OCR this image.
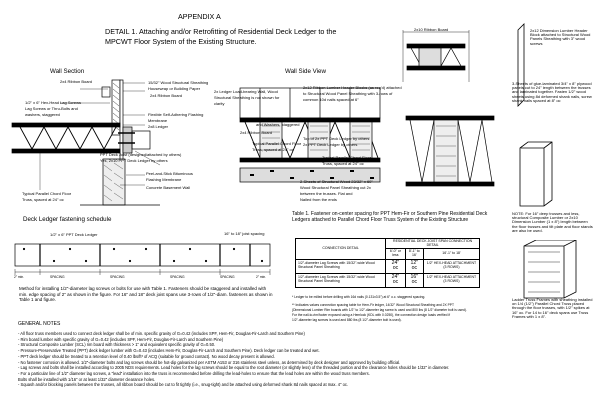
APPENDIX A
DETAIL 1. Attaching and/or Retrofitting of Residential Deck Ledger to the
MPCWT Floor System of the Existing Structure.
Wall Section
2x4 Ribbon Board	15/32" Wood Structural Sheathing
Housewrap or Building Paper
1/2" x 6" Hex-Head Lag Screws
2x4 Ribbon Board
Lag Screws or Thru-Bolts and
washers, staggered	Flexible Self-Adhering Flashing
Membrane
2x8 Ledger
PPT Deck Joist (designed/attached by others)
Yes, 2x10 PPT Deck Ledger by others
Peel-and-Stick Bituminous
Flashing Membrane
Concrete Basement Wall
Typical Parallel Chord Floor
Truss, spaced at 24" oc
Wall Side View
2x Ledger Load-bearing Wall, Wood
Structural Sheathing is not shown for
clarity
2x12 Ribbon Lumber Header Blocks (as req'd) attached
to Structural Wood Panel Sheathing with 3-rows of
common 10d nails spaced at 6"
1/2" x 6" Hex-Head Lag Screws or Thru-Bolts
and Washers, staggered
2x4 Ribbon Board
Typical Parallel Chord Floor
Truss, spaced at 24" oc
Top of 2x PPT Deck Ledger by others
2x PPT Deck Ledger by others
Typical Parallel Chord Floor
Truss, spaced at 24" oc
2-Sheets of Structural Wood 23/32" x 60"
Wood Structural Panel Sheathing cut 2x
between the trusses. Flat and
Nailed from the ends
2x10 Ribbon Board	2x12 Dimension Lumber Header Block attached to Structural Wood Panels Sheathing with 3" wood screws
3-Sheets of glue-laminated 3/4" x 8" plywood panels cut to 24" length between the trusses and laminated together. Fasten 1/2" wood sheets using 8d deformed shank nails, screw shank nails spaced at 8" oc
NOTE: For 16" deep trusses and less, structural Composite Lumber or 2x10 Dimension Lumber (1 x 8") length between the floor trusses and tilt plate and floor stands are also be used.
Ladder Truss Frames with sheathing installed on 1/4 (1/2") Parallel Chord Truss placed through the floor trusses, with 1/2" spikes at 16" oc. For 14 to 16" deck spans use Truss Frames with 1 x 8".
Deck Ledger fastening schedule
1/2" x 6" PPT Deck Ledger	16" to 18" joist spacing
2" min.	SPACING	SPACING	SPACING	SPACING	2" min.
Method for installing 1/2"-diameter lag screws or bolts for use with Table 1. Fasteners should be staggered and installed with min. edge spacing of 2" as shown in the figure. For 16" and 18" deck joist spans use 3-rows of 1/2"-diam. fasteners as shown in Table 1 and figure.
Table 1. Fastener on-center spacing for PPT Hem-Fir or Southern Pine Residential Deck Ledgers attached to Parallel Chord Floor Truss System of the Existing Structure
CONNECTION DETAIL	RESIDENTIAL DECK JOIST SPAN CONNECTION DETAIL		
	6'-0" or less	8'-1" to 16'	16'-1" to 18'
1/2"-diameter Lag Screws with 15/32"-wide Wood Structural Panel Sheathing	24" oc	12" oc	1/2" HEX-HEAD ATTACHMENT (3 ROWS)
1/2"-diameter Lag Screws with 15/32"-wide Wood Structural Panel Sheathing	24" oc	16" oc	1/2" HEX-HEAD ATTACHMENT (3 ROWS)
* Ledger to be milled before drilling with 16d nails (0.131x3.5") at 6" o.c. staggered spacing.
** Indicates values connection spacing table for Hem-Fir ledger, 14/32" Wood Structural Sheathing and 2X PPT
(Dimensional Lumber Rim boards with 1/2" to 1/2"-diameter lag screw is used and 800 lbs (8 1/2" diameter bolt is used).
For the nail-to-rim/footer exposed using a Hemlock (KDL with 0.0250), the connection design loads verified if
1/2"-diameter lag screws is used and 880 lbs (8 1/2"-diameter bolt is used).
GENERAL NOTES
- All floor truss members used to connect deck ledger shall be of min. specific gravity of G=0.42 (includes SPF, Hem-Fir, Douglas-Fir-Larch and Southern Pine)
- Rim board lumber with specific gravity of G=0.42 (includes SPF, Hem-Fir, Douglas-Fir-Larch and Southern Pine)
- Structural Composite Lumber (SCL) rim board with thickness > 1" and equivalent specific gravity of G=0.50.
- Pressure-Preservative Treated (PPT) deck ledger lumber with G=0.43 (includes Hem-Fir, Douglas-Fir-Larch and Southern Pine). Deck ledger can be treated and wet.
- PPT deck ledger should be treated to a retention level of 0.40 lbs/ft³ of ACQ (suitable for ground contact). No wood decay present is allowed.
- No fastener corrosion is allowed. 1/2"-diameter bolts and lag screws should be hot-dip galvanized per ASTM A153 or 316 stainless steel unless, as determined by deck designer and approved by building official.
- Lag screws and bolts shall be installed according to 2005 NDS requirements. Lead holes for the lag screws should be equal to the root diameter (or slightly less) of the threaded portion and the clearance holes should be 1/32" in diameter.
- For a particular line of 1/2" diameter lag screws, a "lead" installation into the truss is recommended before drilling the lead-holes to ensure that the lead holes are within the wood truss members.
Bolts shall be installed with 1/16" or at least 1/32" diameter clearance holes.
- Squash and/or blocking panels between the trusses, all ribbon board should be cut to fit tightly (i.e., snug-tight) and be attached using deformed shank 8d nails spaced at max. 4" oc.
